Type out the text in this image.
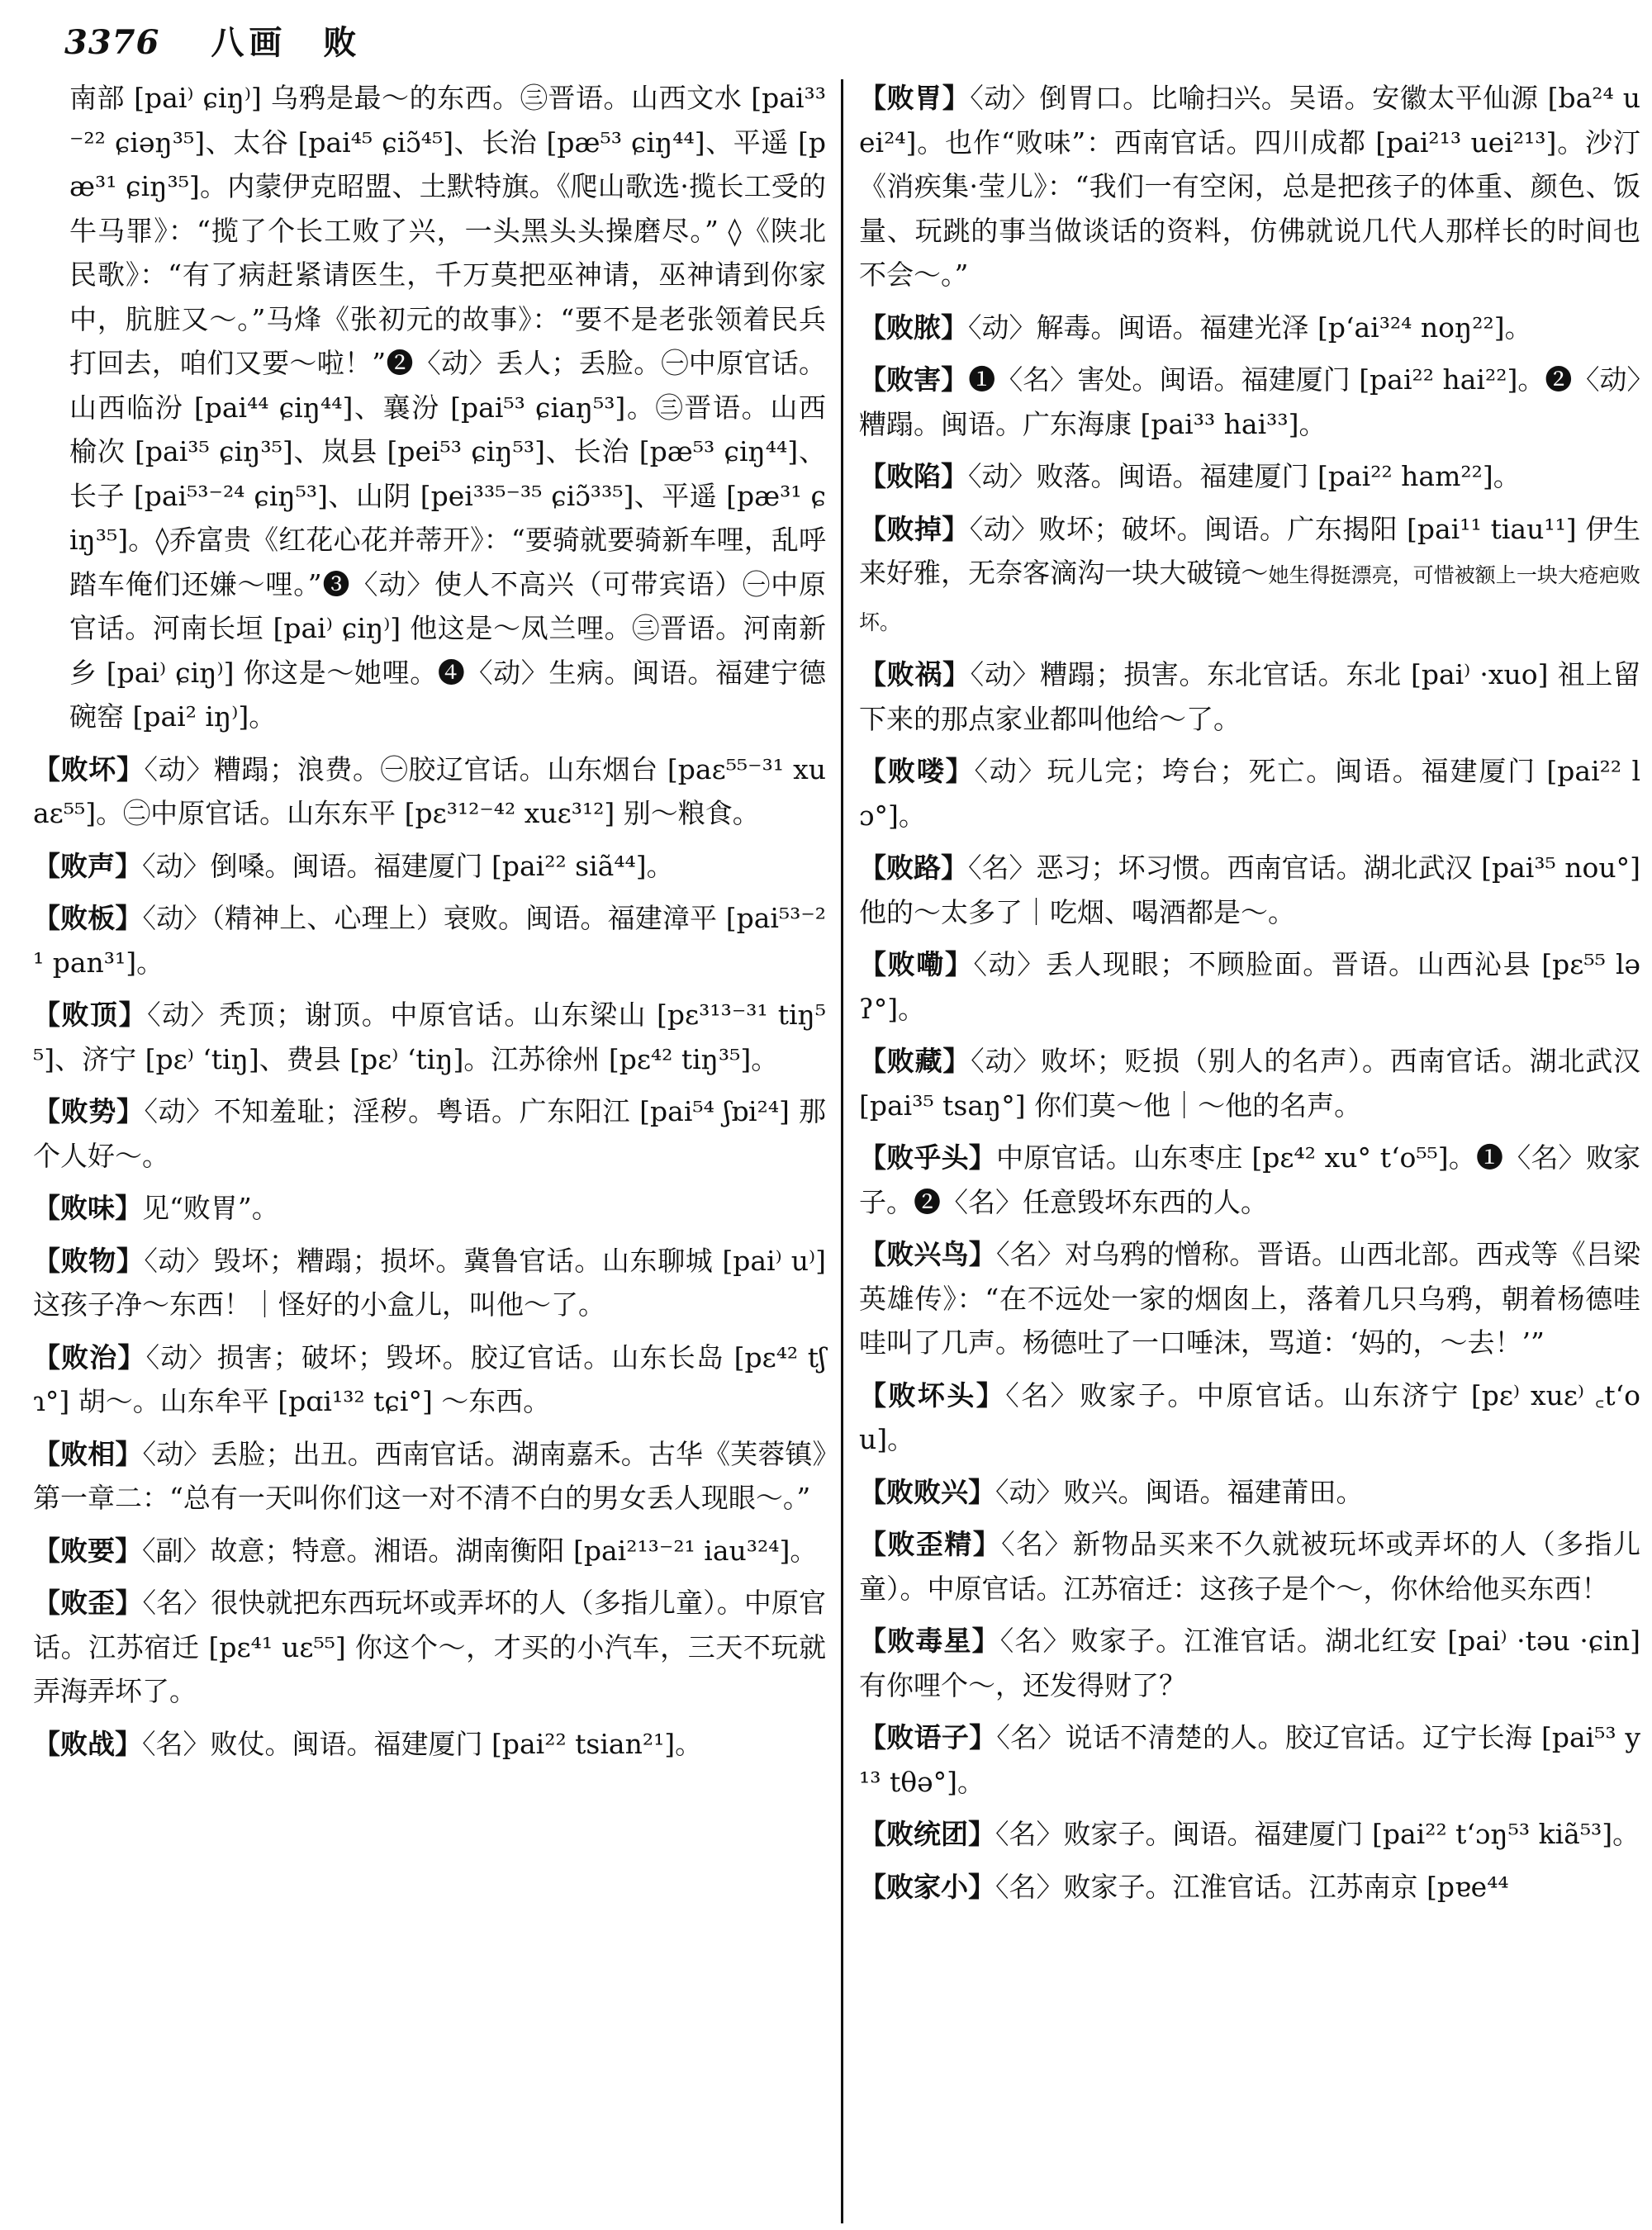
3376 八画 败

南部 [pai⁾ ɕiŋ⁾] 乌鸦是最～的东西。㊂晋语。山西文水 [pai³³⁻²² ɕiəŋ³⁵]、太谷 [pai⁴⁵ ɕiɔ̃⁴⁵]、长治 [pæ⁵³ ɕiŋ⁴⁴]、平遥 [pæ³¹ ɕiŋ³⁵]。内蒙伊克昭盟、土默特旗。《爬山歌选·揽长工受的牛马罪》：“揽了个长工败了兴，一头黑头头操磨尽。” ◊《陕北民歌》：“有了病赶紧请医生，千万莫把巫神请，巫神请到你家中，肮脏又～。”马烽《张初元的故事》：“要不是老张领着民兵打回去，咱们又要～啦！”❷〈动〉丢人；丢脸。㊀中原官话。山西临汾 [pai⁴⁴ ɕiŋ⁴⁴]、襄汾 [pai⁵³ ɕiaŋ⁵³]。㊂晋语。山西榆次 [pai³⁵ ɕiŋ³⁵]、岚县 [pei⁵³ ɕiŋ⁵³]、长治 [pæ⁵³ ɕiŋ⁴⁴]、长子 [pai⁵³⁻²⁴ ɕiŋ⁵³]、山阴 [pei³³⁵⁻³⁵ ɕiɔ̃³³⁵]、平遥 [pæ³¹ ɕiŋ³⁵]。◊乔富贵《红花心花并蒂开》：“要骑就要骑新车哩，乱呼踏车俺们还嫌～哩。”❸〈动〉使人不高兴（可带宾语）㊀中原官话。河南长垣 [pai⁾ ɕiŋ⁾] 他这是～凤兰哩。㊂晋语。河南新乡 [pai⁾ ɕiŋ⁾] 你这是～她哩。❹〈动〉生病。闽语。福建宁德碗窑 [pai² iŋ⁾]。

【 败坏 】 〈动〉糟蹋；浪费。㊀胶辽官话。山东烟台 [paɛ⁵⁵⁻³¹ xuaɛ⁵⁵]。㊁中原官话。山东东平 [pɛ³¹²⁻⁴² xuɛ³¹²] 别～粮食。

【 败声 】 〈动〉倒嗓。闽语。福建厦门 [pai²² siã⁴⁴]。

【 败板 】 〈动〉（精神上、心理上）衰败。闽语。福建漳平 [pai⁵³⁻²¹ pan³¹]。

【 败顶 】 〈动〉秃顶；谢顶。中原官话。山东梁山 [pɛ³¹³⁻³¹ tiŋ⁵⁵]、济宁 [pɛ⁾ ʻtiŋ]、费县 [pɛ⁾ ʻtiŋ]。江苏徐州 [pɛ⁴² tiŋ³⁵]。

【 败势 】 〈动〉不知羞耻；淫秽。粤语。广东阳江 [pai⁵⁴ ʃɒi²⁴] 那个人好～。

【 败味 】 见“败胃”。

【 败物 】 〈动〉毁坏；糟蹋；损坏。冀鲁官话。山东聊城 [pai⁾ u⁾] 这孩子净～东西！｜怪好的小盒儿，叫他～了。

【 败治 】 〈动〉损害；破坏；毁坏。胶辽官话。山东长岛 [pɛ⁴² tʃɿ°] 胡～。山东牟平 [pɑi¹³² tɕi°] ～东西。

【 败相 】 〈动〉丢脸；出丑。西南官话。湖南嘉禾。古华《芙蓉镇》第一章二：“总有一天叫你们这一对不清不白的男女丢人现眼～。”

【 败要 】 〈副〉故意；特意。湘语。湖南衡阳 [pai²¹³⁻²¹ iau³²⁴]。

【 败歪 】 〈名〉很快就把东西玩坏或弄坏的人（多指儿童）。中原官话。江苏宿迁 [pɛ⁴¹ uɛ⁵⁵] 你这个～，才买的小汽车，三天不玩就弄海弄坏了。

【 败战 】 〈名〉败仗。闽语。福建厦门 [pai²² tsian²¹]。

【 败胃 】 〈动〉倒胃口。比喻扫兴。吴语。安徽太平仙源 [ba²⁴ uei²⁴]。也作“败味”：西南官话。四川成都 [pai²¹³ uei²¹³]。沙汀《消疾集·莹儿》：“我们一有空闲，总是把孩子的体重、颜色、饭量、玩跳的事当做谈话的资料，仿佛就说几代人那样长的时间也不会～。”

【 败脓 】 〈动〉解毒。闽语。福建光泽 [pʻai³²⁴ noŋ²²]。

【 败害 】 ❶〈名〉害处。闽语。福建厦门 [pai²² hai²²]。❷〈动〉糟蹋。闽语。广东海康 [pai³³ hai³³]。

【 败陷 】 〈动〉败落。闽语。福建厦门 [pai²² ham²²]。

【 败掉 】 〈动〉败坏；破坏。闽语。广东揭阳 [pai¹¹ tiau¹¹] 伊生来好雅，无奈客滴沟一块大破镜～她生得挺漂亮，可惜被额上一块大疮疤败坏。

【 败祸 】 〈动〉糟蹋；损害。东北官话。东北 [pai⁾ ·xuo] 祖上留下来的那点家业都叫他给～了。

【 败喽 】 〈动〉玩儿完；垮台；死亡。闽语。福建厦门 [pai²² lɔ°]。

【 败路 】 〈名〉恶习；坏习惯。西南官话。湖北武汉 [pai³⁵ nou°] 他的～太多了｜吃烟、喝酒都是～。

【 败嘞 】 〈动〉丢人现眼；不顾脸面。晋语。山西沁县 [pɛ⁵⁵ ləʔ°]。

【 败藏 】 〈动〉败坏；贬损（别人的名声）。西南官话。湖北武汉 [pai³⁵ tsaŋ°] 你们莫～他｜～他的名声。

【 败乎头 】 中原官话。山东枣庄 [pɛ⁴² xu° tʻo⁵⁵]。❶〈名〉败家子。❷〈名〉任意毁坏东西的人。

【 败兴鸟 】 〈名〉对乌鸦的憎称。晋语。山西北部。西戎等《吕梁英雄传》：“在不远处一家的烟囱上，落着几只乌鸦，朝着杨德哇哇叫了几声。杨德吐了一口唾沫，骂道：‘妈的，～去！’”

【 败坏头 】 〈名〉败家子。中原官话。山东济宁 [pɛ⁾ xuɛ⁾ ꜀tʻou]。

【 败败兴 】 〈动〉败兴。闽语。福建莆田。

【 败歪精 】 〈名〉新物品买来不久就被玩坏或弄坏的人（多指儿童）。中原官话。江苏宿迁：这孩子是个～，你休给他买东西！

【 败毒星 】 〈名〉败家子。江淮官话。湖北红安 [pai⁾ ·təu ·ɕin] 有你哩个～，还发得财了？

【 败语子 】 〈名〉说话不清楚的人。胶辽官话。辽宁长海 [pai⁵³ y¹³ tθə°]。

【 败统团 】 〈名〉败家子。闽语。福建厦门 [pai²² tʻɔŋ⁵³ kiã⁵³]。

【 败家小 】 〈名〉败家子。江淮官话。江苏南京 [pɐe⁴⁴
